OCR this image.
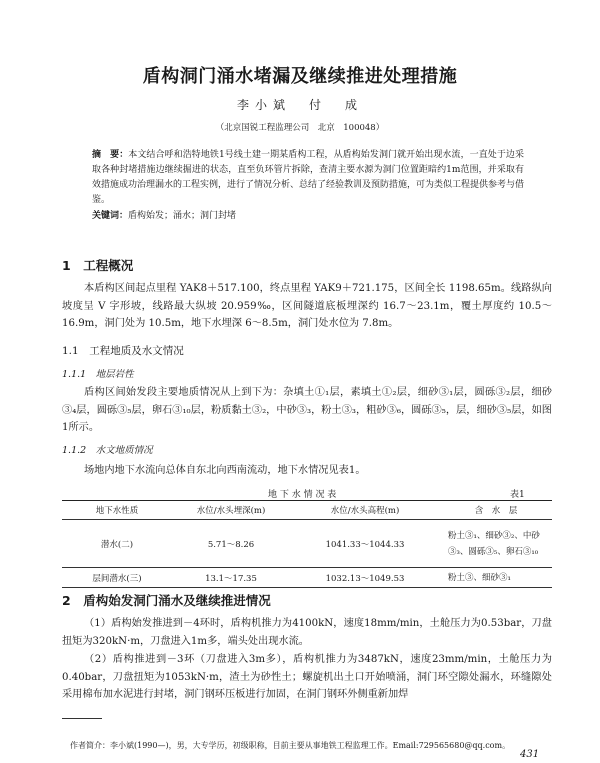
盾构洞门涌水堵漏及继续推进处理措施
李小斌　付　成
（北京国锐工程监理公司　北京　100048）
摘　要：本文结合呼和浩特地铁1号线土建一期某盾构工程，从盾构始发洞门就开始出现水流，一直处于边采取各种封堵措施边继续掘进的状态，直至负环管片拆除，查清主要水源为洞门位置距暗约1m范围，并采取有效措施成功治理漏水的工程实例，进行了情况分析、总结了经验教训及预防措施，可为类似工程提供参考与借鉴。
关键词：盾构始发；涌水；洞门封堵
1　工程概况
本盾构区间起点里程 YAK8＋517.100，终点里程 YAK9＋721.175，区间全长 1198.65m。线路纵向坡度呈 V 字形坡，线路最大纵坡 20.959‰，区间隧道底板埋深约 16.7～23.1m，覆土厚度约 10.5～16.9m，洞门处为 10.5m，地下水埋深 6～8.5m，洞门处水位为 7.8m。
1.1　工程地质及水文情况
1.1.1　地层岩性
盾构区间始发段主要地质情况从上到下为：杂填土①₁层，素填土①₂层，细砂③₁层，圆砾③₂层，细砂③₄层，圆砾③₅层，卵石③₁₀层，粉质黏土③₂，中砂③₃，粉土③₃，粗砂③₆，圆砾③₅，层，细砂③₅层，如图1所示。
1.1.2　水文地质情况
场地内地下水流向总体自东北向西南流动，地下水情况见表1。
地 下 水 情 况 表	表1
地下水性质	水位/水头埋深(m)	水位/水头高程(m)	含　水　层
潜水(二)	5.71～8.26	1041.33～1044.33	粉土③₁、细砂③₂、中砂③₃、圆砾③₅、卵石③₁₀
层间潜水(三)	13.1～17.35	1032.13～1049.53	粉土③、细砂③₁
2　盾构始发洞门涌水及继续推进情况
（1）盾构始发推进到－4环时，盾构机推力为4100kN，速度18mm/min，土舱压力为0.53bar，刀盘扭矩为320kN·m，刀盘进入1m多，端头处出现水流。
（2）盾构推进到－3环（刀盘进入3m多），盾构机推力为3487kN，速度23mm/min，土舱压力为0.40bar，刀盘扭矩为1053kN·m，渣土为砂性土；螺旋机出土口开始喷涌，洞门环空隙处漏水，环缝隙处采用棉布加水泥进行封堵，洞门钢环压板进行加固，在洞门钢环外侧重新加焊
作者简介：李小斌(1990—)，男，大专学历，初级职称，目前主要从事地铁工程监理工作。Email:729565680@qq.com。
431
